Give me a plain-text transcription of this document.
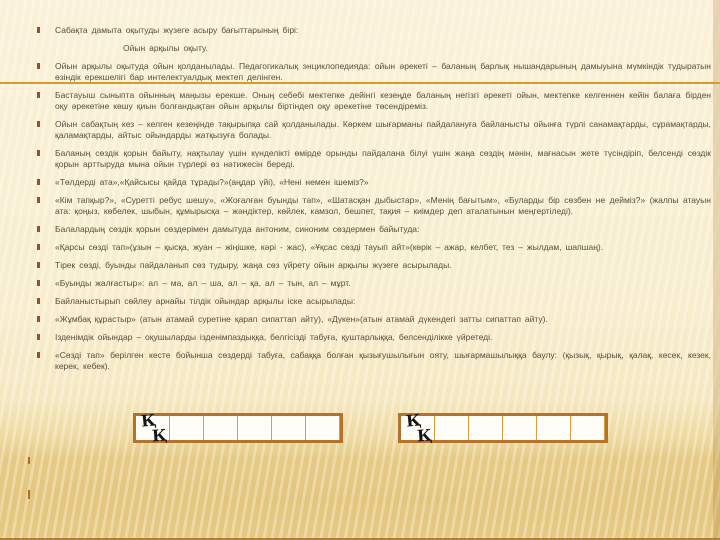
Сабақта дамыта оқытуды жүзеге асыру бағыттарының бірі:
Ойын арқылы оқыту.
Ойын арқылы оқытуда ойын қолданылады. Педагогикалық энциклопедияда: ойын әрекеті – баланың барлық нышандарының дамыуына мүмкіндік тудыратын өзіндік ерекшелігі бар интелектуалдық мектеп делінген.
Бастауыш сыныпта ойынның маңызы ерекше. Оның себебі мектепке дейінгі кезеңде баланың негізгі әрекеті ойын, мектепке келгеннен кейін балаға бірден оқу әрекетіне көшу қиын болғандықтан ойын арқылы біртіндеп оқу әрекетіне төсендіреміз.
Ойын сабақтың кез – келген кезеңінде тақырыпқа сай қолданылады. Көркем шығарманы пайдалануға байланысты ойынға түрлі санамақтарды, сұрамақтарды, қаламақтарды, айтыс ойындарды жатқызуға болады.
Баланың сөздік қорын байыту, нақтылау үшін күнделікті өмірде орынды пайдалана білуі үшін жаңа сөздің мәнін, мағнасын жете түсіндіріп, белсенді сөздік қорын арттыруда мына ойын түрлері өз нәтижесін береді.
«Төлдерді ата»,«Қайсысы қайда тұрады?»(аңдар үйі), «Нені немен ішеміз?»
«Кім тапқыр?», «Суретті ребус шешу», «Жоғалған буынды тап», «Шатасқан дыбыстар», «Менің бағытым», «Буларды бір сөзбен не дейміз?» (жалпы атауын ата: қоңыз, көбелек, шыбын, құмырысқа – жәндіктер, көйлек, камзол, бешпет, тақия – киімдер деп аталатынын меңгертіледі).
Балалардың сөздік қорын сөздерімен дамытуда антоним, синоним сөздермен байытуда:
«Қарсы сөзді тап»(ұзын – қысқа, жуан – жіңішке, кәрі - жас), «Ұқсас сөзді тауып айт»(көрік – ажар, келбет, тез – жылдам, шапшаң).
Тірек сөзді, буынды пайдаланып сөз тудыру, жаңа сөз үйрету ойын арқылы жүзеге асырылады.
«Буынды жалғастыр»: ал – ма, ал – ша, ал – қа, ал – тын, ал – мұрт.
Байланыстырып сөйлеу арнайы тілдік ойындар арқылы іске асырылады:
«Жұмбақ құрастыр» (атын атамай суретіне қарап сипаттап айту), «Дүкен»(атын атамай дүкендегі затты сипаттап айту).
Ізденімдік ойындар – оқушыларды ізденімпаздыққа, белгісізді табуға, қуштарлыққа, белсенділікке үйретеді.
«Сөзді тап» берілген кесте бойынша сөздерді табуға, сабаққа болған қызығушылығын ояту, шығармашылыққа баулу: (қызық, қырық, қалақ, кесек, кезек, керек, кебек).
Қ
Қ
Қ
Қ
